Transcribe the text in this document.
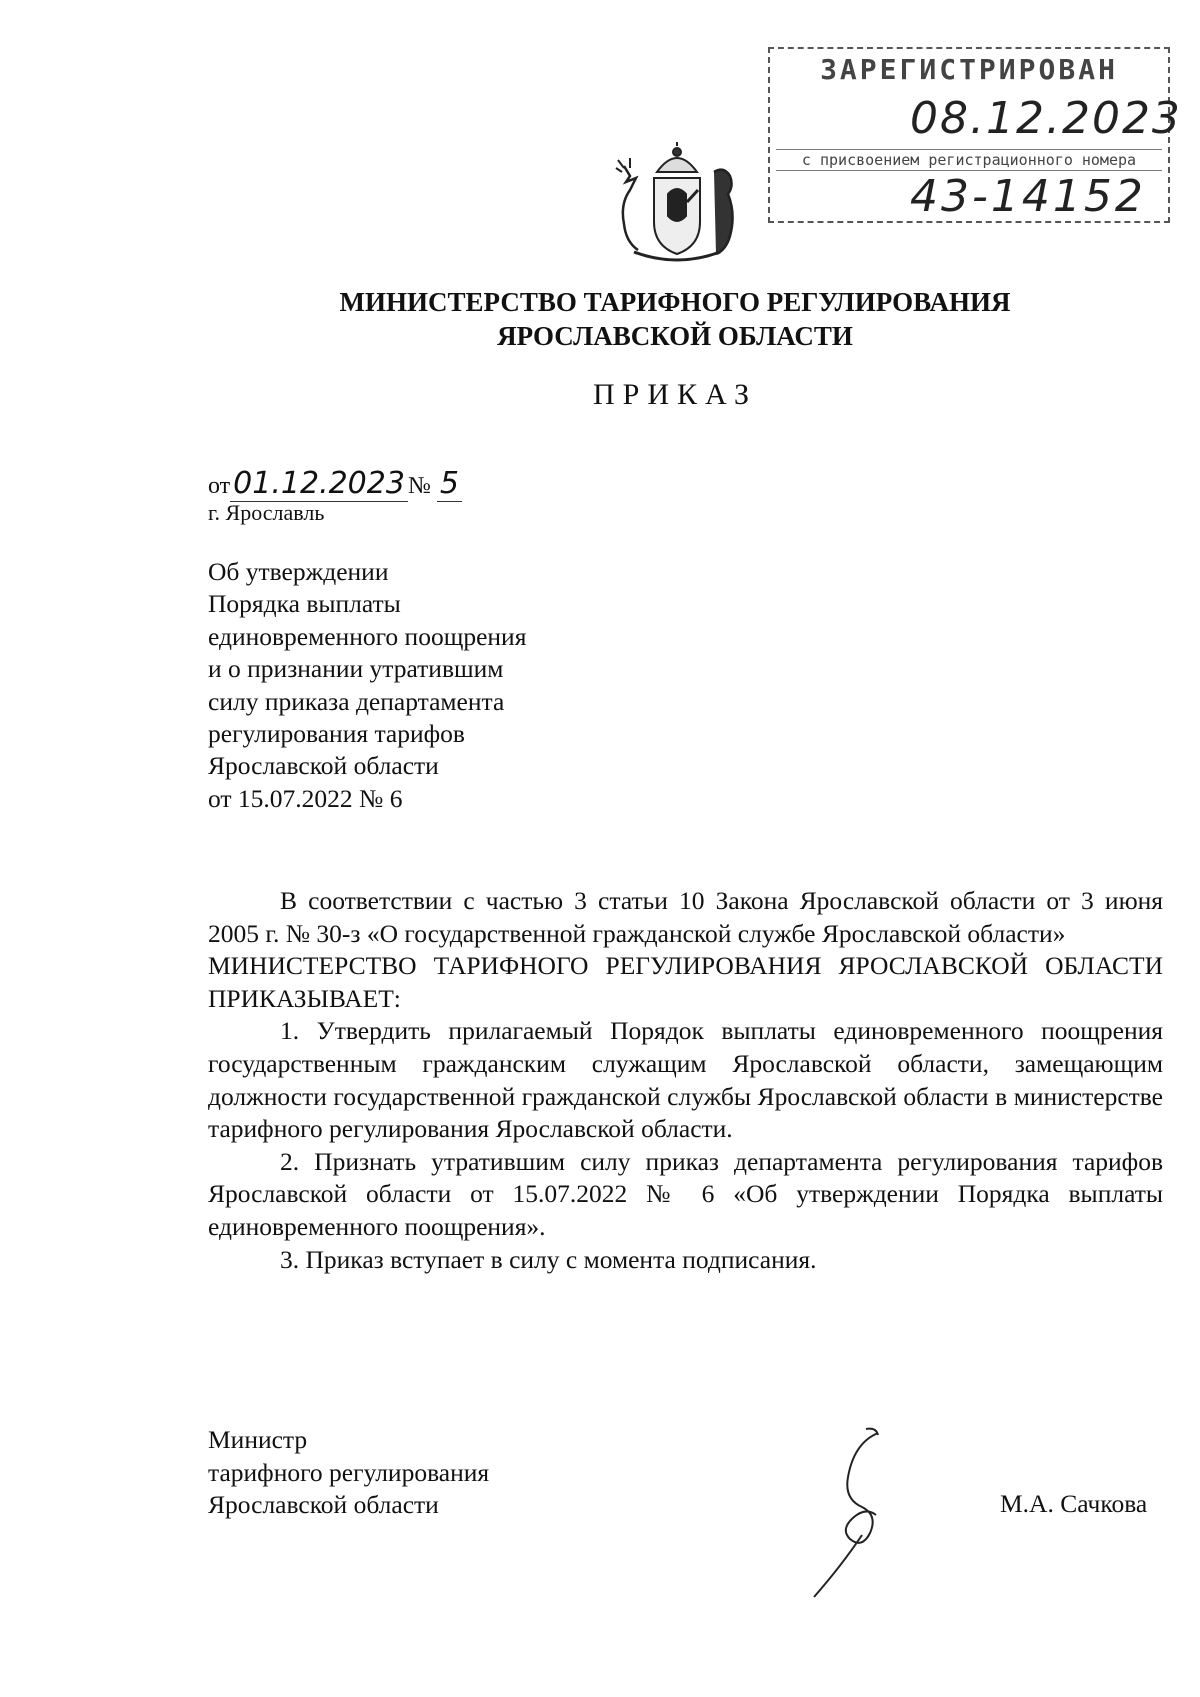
ЗАРЕГИСТРИРОВАН
08.12.2023
с присвоением регистрационного номера
43-14152
МИНИСТЕРСТВО ТАРИФНОГО РЕГУЛИРОВАНИЯ
ЯРОСЛАВСКОЙ ОБЛАСТИ
ПРИКАЗ
от 01.12.2023 № 5
г. Ярославль
Об утверждении
Порядка выплаты
единовременного поощрения
и о признании утратившим
силу приказа департамента
регулирования тарифов
Ярославской области
от 15.07.2022 № 6

В соответствии с частью 3 статьи 10 Закона Ярославской области от 3 июня 2005 г. № 30-з «О государственной гражданской службе Ярославской области»

МИНИСТЕРСТВО ТАРИФНОГО РЕГУЛИРОВАНИЯ ЯРОСЛАВСКОЙ ОБЛАСТИ ПРИКАЗЫВАЕТ:

1. Утвердить прилагаемый Порядок выплаты единовременного поощрения государственным гражданским служащим Ярославской области, замещающим должности государственной гражданской службы Ярославской области в министерстве тарифного регулирования Ярославской области.

2. Признать утратившим силу приказ департамента регулирования тарифов Ярославской области от 15.07.2022 № 6 «Об утверждении Порядка выплаты единовременного поощрения».

3. Приказ вступает в силу с момента подписания.

Министр
тарифного регулирования
Ярославской области	М.А. Сачкова
